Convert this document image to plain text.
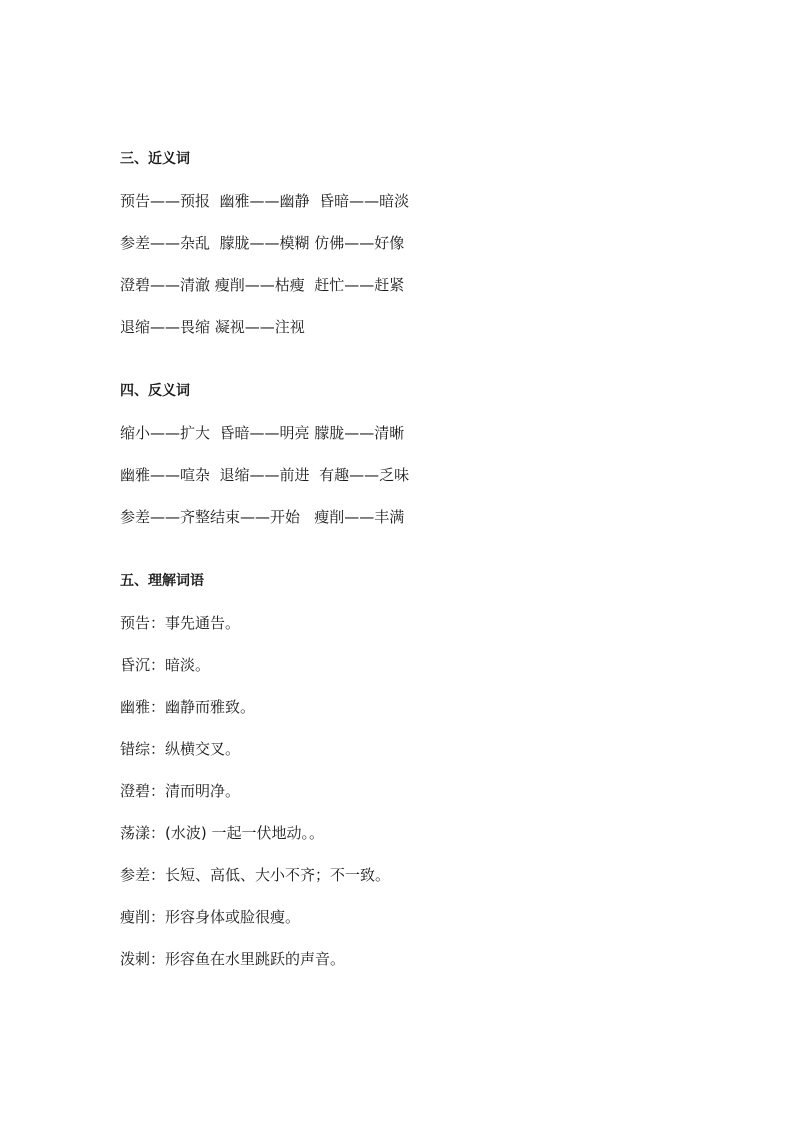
三、近义词
预告——预报  幽雅——幽静  昏暗——暗淡
参差——杂乱  朦胧——模糊 仿佛——好像
澄碧——清澈 瘦削——枯瘦  赶忙——赶紧
退缩——畏缩 凝视——注视
四、反义词
缩小——扩大  昏暗——明亮 朦胧——清晰
幽雅——喧杂  退缩——前进  有趣——乏味
参差——齐整结束——开始   瘦削——丰满
五、理解词语
预告：事先通告。
昏沉：暗淡。
幽雅：幽静而雅致。
错综：纵横交叉。
澄碧：清而明净。
荡漾：(水波) 一起一伏地动。。
参差：长短、高低、大小不齐；不一致。
瘦削：形容身体或脸很瘦。
泼刺：形容鱼在水里跳跃的声音。
